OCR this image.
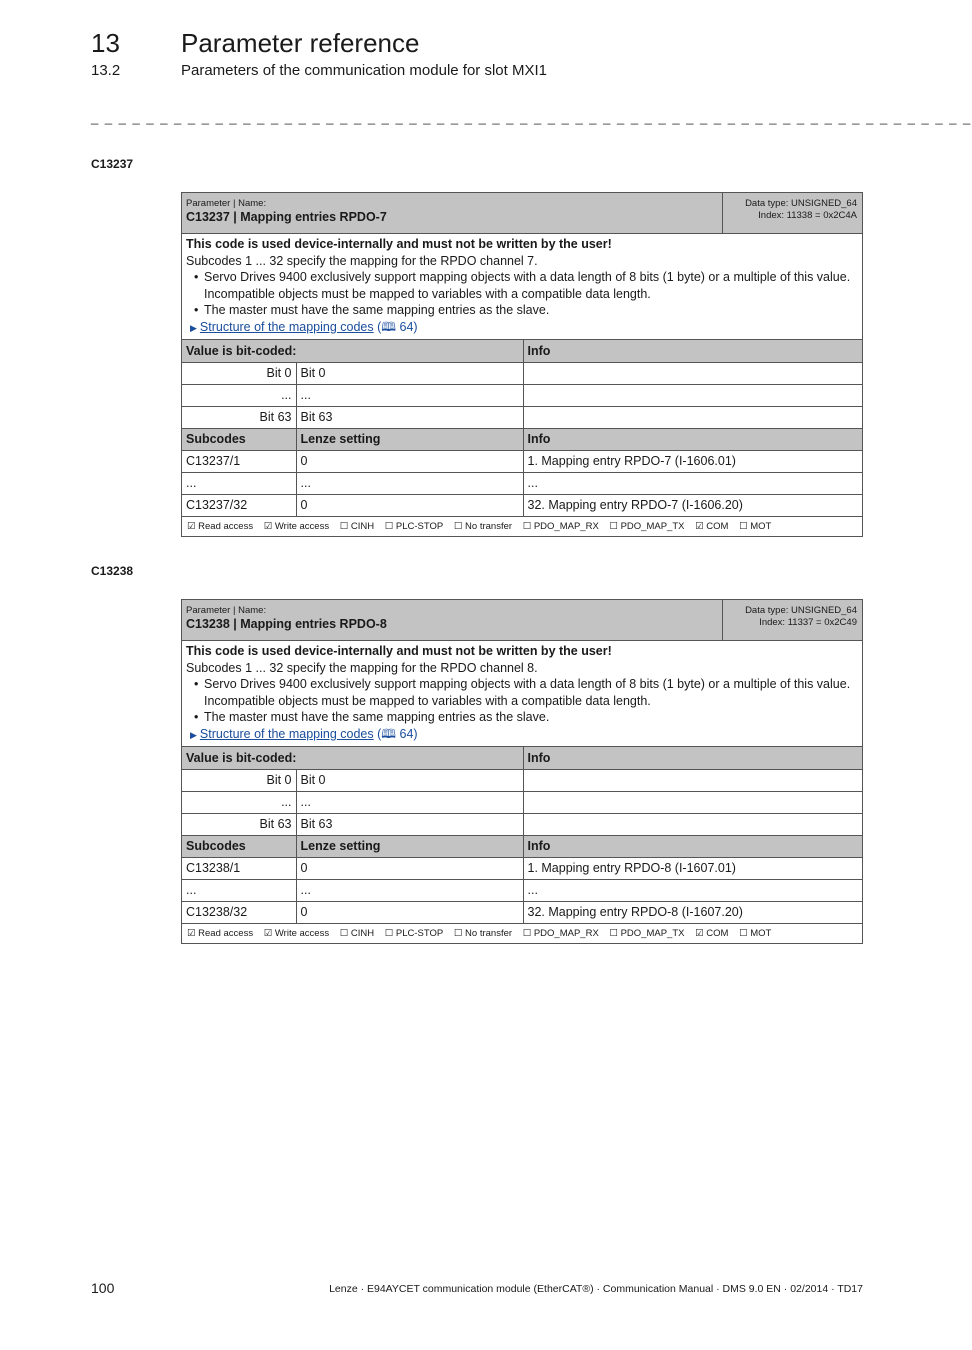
13 Parameter reference
13.2	Parameters of the communication module for slot MXI1
_ _ _ _ _ _ _ _ _ _ _ _ _ _ _ _ _ _ _ _ _ _ _ _ _ _ _ _ _ _ _ _ _ _ _ _ _ _ _ _ _ _ _ _ _ _ _ _ _ _ _ _ _ _ _ _ _ _ _ _ _ _ _ _
C13237
Parameter | Name:
C13237 | Mapping entries RPDO-7
Data type: UNSIGNED_64
Index: 11338 = 0x2C4A
This code is used device-internally and must not be written by the user!
Subcodes 1 ... 32 specify the mapping for the RPDO channel 7.
• Servo Drives 9400 exclusively support mapping objects with a data length of 8 bits (1 byte) or a multiple of this value. Incompatible objects must be mapped to variables with a compatible data length.
• The master must have the same mapping entries as the slave.
▶ Structure of the mapping codes (🕮 64)
Value is bit-coded:		Info
Bit 0	Bit 0	
...	...	
Bit 63	Bit 63	
Subcodes	Lenze setting	Info
C13237/1	0	1. Mapping entry RPDO-7 (I-1606.01)
...	...	...
C13237/32	0	32. Mapping entry RPDO-7 (I-1606.20)
☑ Read access ☑ Write access ☐ CINH ☐ PLC-STOP ☐ No transfer ☐ PDO_MAP_RX ☐ PDO_MAP_TX ☑ COM ☐ MOT
C13238
Parameter | Name:
C13238 | Mapping entries RPDO-8
Data type: UNSIGNED_64
Index: 11337 = 0x2C49
This code is used device-internally and must not be written by the user!
Subcodes 1 ... 32 specify the mapping for the RPDO channel 8.
• Servo Drives 9400 exclusively support mapping objects with a data length of 8 bits (1 byte) or a multiple of this value. Incompatible objects must be mapped to variables with a compatible data length.
• The master must have the same mapping entries as the slave.
▶ Structure of the mapping codes (🕮 64)
Value is bit-coded:		Info
Bit 0	Bit 0	
...	...	
Bit 63	Bit 63	
Subcodes	Lenze setting	Info
C13238/1	0	1. Mapping entry RPDO-8 (I-1607.01)
...	...	...
C13238/32	0	32. Mapping entry RPDO-8 (I-1607.20)
☑ Read access ☑ Write access ☐ CINH ☐ PLC-STOP ☐ No transfer ☐ PDO_MAP_RX ☐ PDO_MAP_TX ☑ COM ☐ MOT
100	Lenze · E94AYCET communication module (EtherCAT®) · Communication Manual · DMS 9.0 EN · 02/2014 · TD17
